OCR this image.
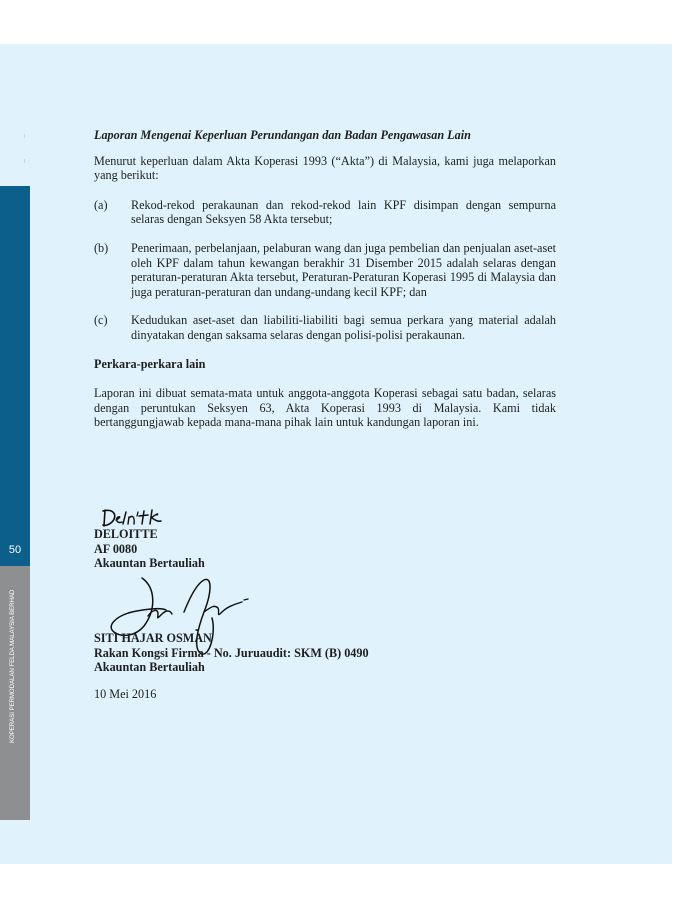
50
KOPERASI PERMODALAN FELDA MALAYSIA BERHAD
Laporan Mengenai Keperluan Perundangan dan Badan Pengawasan Lain
Menurut keperluan dalam Akta Koperasi 1993 (“Akta”) di Malaysia, kami juga melaporkan yang berikut:
(a)	Rekod-rekod perakaunan dan rekod-rekod lain KPF disimpan dengan sempurna selaras dengan Seksyen 58 Akta tersebut;
(b)	Penerimaan, perbelanjaan, pelaburan wang dan juga pembelian dan penjualan aset-aset oleh KPF dalam tahun kewangan berakhir 31 Disember 2015 adalah selaras dengan peraturan-peraturan Akta tersebut, Peraturan-Peraturan Koperasi 1995 di Malaysia dan juga peraturan-peraturan dan undang-undang kecil KPF; dan
(c)	Kedudukan aset-aset dan liabiliti-liabiliti bagi semua perkara yang material adalah dinyatakan dengan saksama selaras dengan polisi-polisi perakaunan.
Perkara-perkara lain
Laporan ini dibuat semata-mata untuk anggota-anggota Koperasi sebagai satu badan, selaras dengan peruntukan Seksyen 63, Akta Koperasi 1993 di Malaysia. Kami tidak bertanggungjawab kepada mana-mana pihak lain untuk kandungan laporan ini.
DELOITTE
AF 0080
Akauntan Bertauliah
SITI HAJAR OSMAN
Rakan Kongsi Firma - No. Juruaudit: SKM (B) 0490
Akauntan Bertauliah
10 Mei 2016
